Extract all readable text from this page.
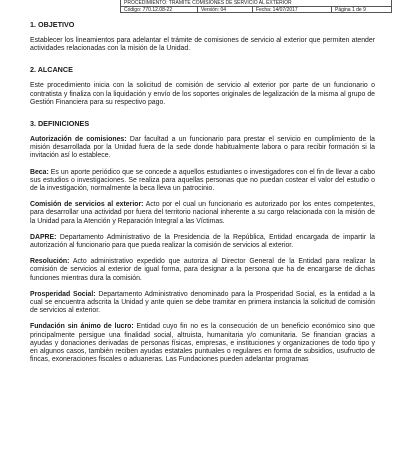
PROCEDIMIENTO: TRÁMITE COMISIONES DE SERVICIO AL EXTERIOR
Código: 770.12.08-22	Versión: 04	Fecha: 14/07/2017	Página 1 de 9
1. OBJETIVO

Establecer los lineamientos para adelantar el trámite de comisiones de servicio al exterior que permiten atender actividades relacionadas con la misión de la Unidad.

2. ALCANCE

Este procedimiento inicia con la solicitud de comisión de servicio al exterior por parte de un funcionario o contratista y finaliza con la liquidación y envío de los soportes originales de legalización de la misma al grupo de Gestión Financiera para su respectivo pago.

3. DEFINICIONES

Autorización de comisiones: Dar facultad a un funcionario para prestar el servicio en cumplimiento de la misión desarrollada por la Unidad fuera de la sede donde habitualmente labora o para recibir formación si la invitación así lo establece.

Beca: Es un aporte periódico que se concede a aquellos estudiantes o investigadores con el fin de llevar a cabo sus estudios o investigaciones. Se realiza para aquellas personas que no puedan costear el valor del estudio o de la investigación, normalmente la beca lleva un patrocinio.

Comisión de servicios al exterior: Acto por el cual un funcionario es autorizado por los entes competentes, para desarrollar una actividad por fuera del territorio nacional inherente a su cargo relacionada con la misión de la Unidad para la Atención y Reparación Integral a las Víctimas.

DAPRE: Departamento Administrativo de la Presidencia de la República, Entidad encargada de impartir la autorización al funcionario para que pueda realizar la comisión de servicios al exterior.

Resolución: Acto administrativo expedido que autoriza al Director General de la Entidad para realizar la comisión de servicios al exterior de igual forma, para designar a la persona que ha de encargarse de dichas funciones mientras dura la comisión.

Prosperidad Social: Departamento Administrativo denominado para la Prosperidad Social, es la entidad a la cual se encuentra adscrita la Unidad y ante quien se debe tramitar en primera instancia la solicitud de comisión de servicios al exterior.

Fundación sin ánimo de lucro: Entidad cuyo fin no es la consecución de un beneficio económico sino que principalmente persigue una finalidad social, altruista, humanitaria y/o comunitaria. Se financian gracias a ayudas y donaciones derivadas de personas físicas, empresas, e instituciones y organizaciones de todo tipo y en algunos casos, también reciben ayudas estatales puntuales o regulares en forma de subsidios, usufructo de fincas, exoneraciones fiscales o aduaneras. Las Fundaciones pueden adelantar programas
